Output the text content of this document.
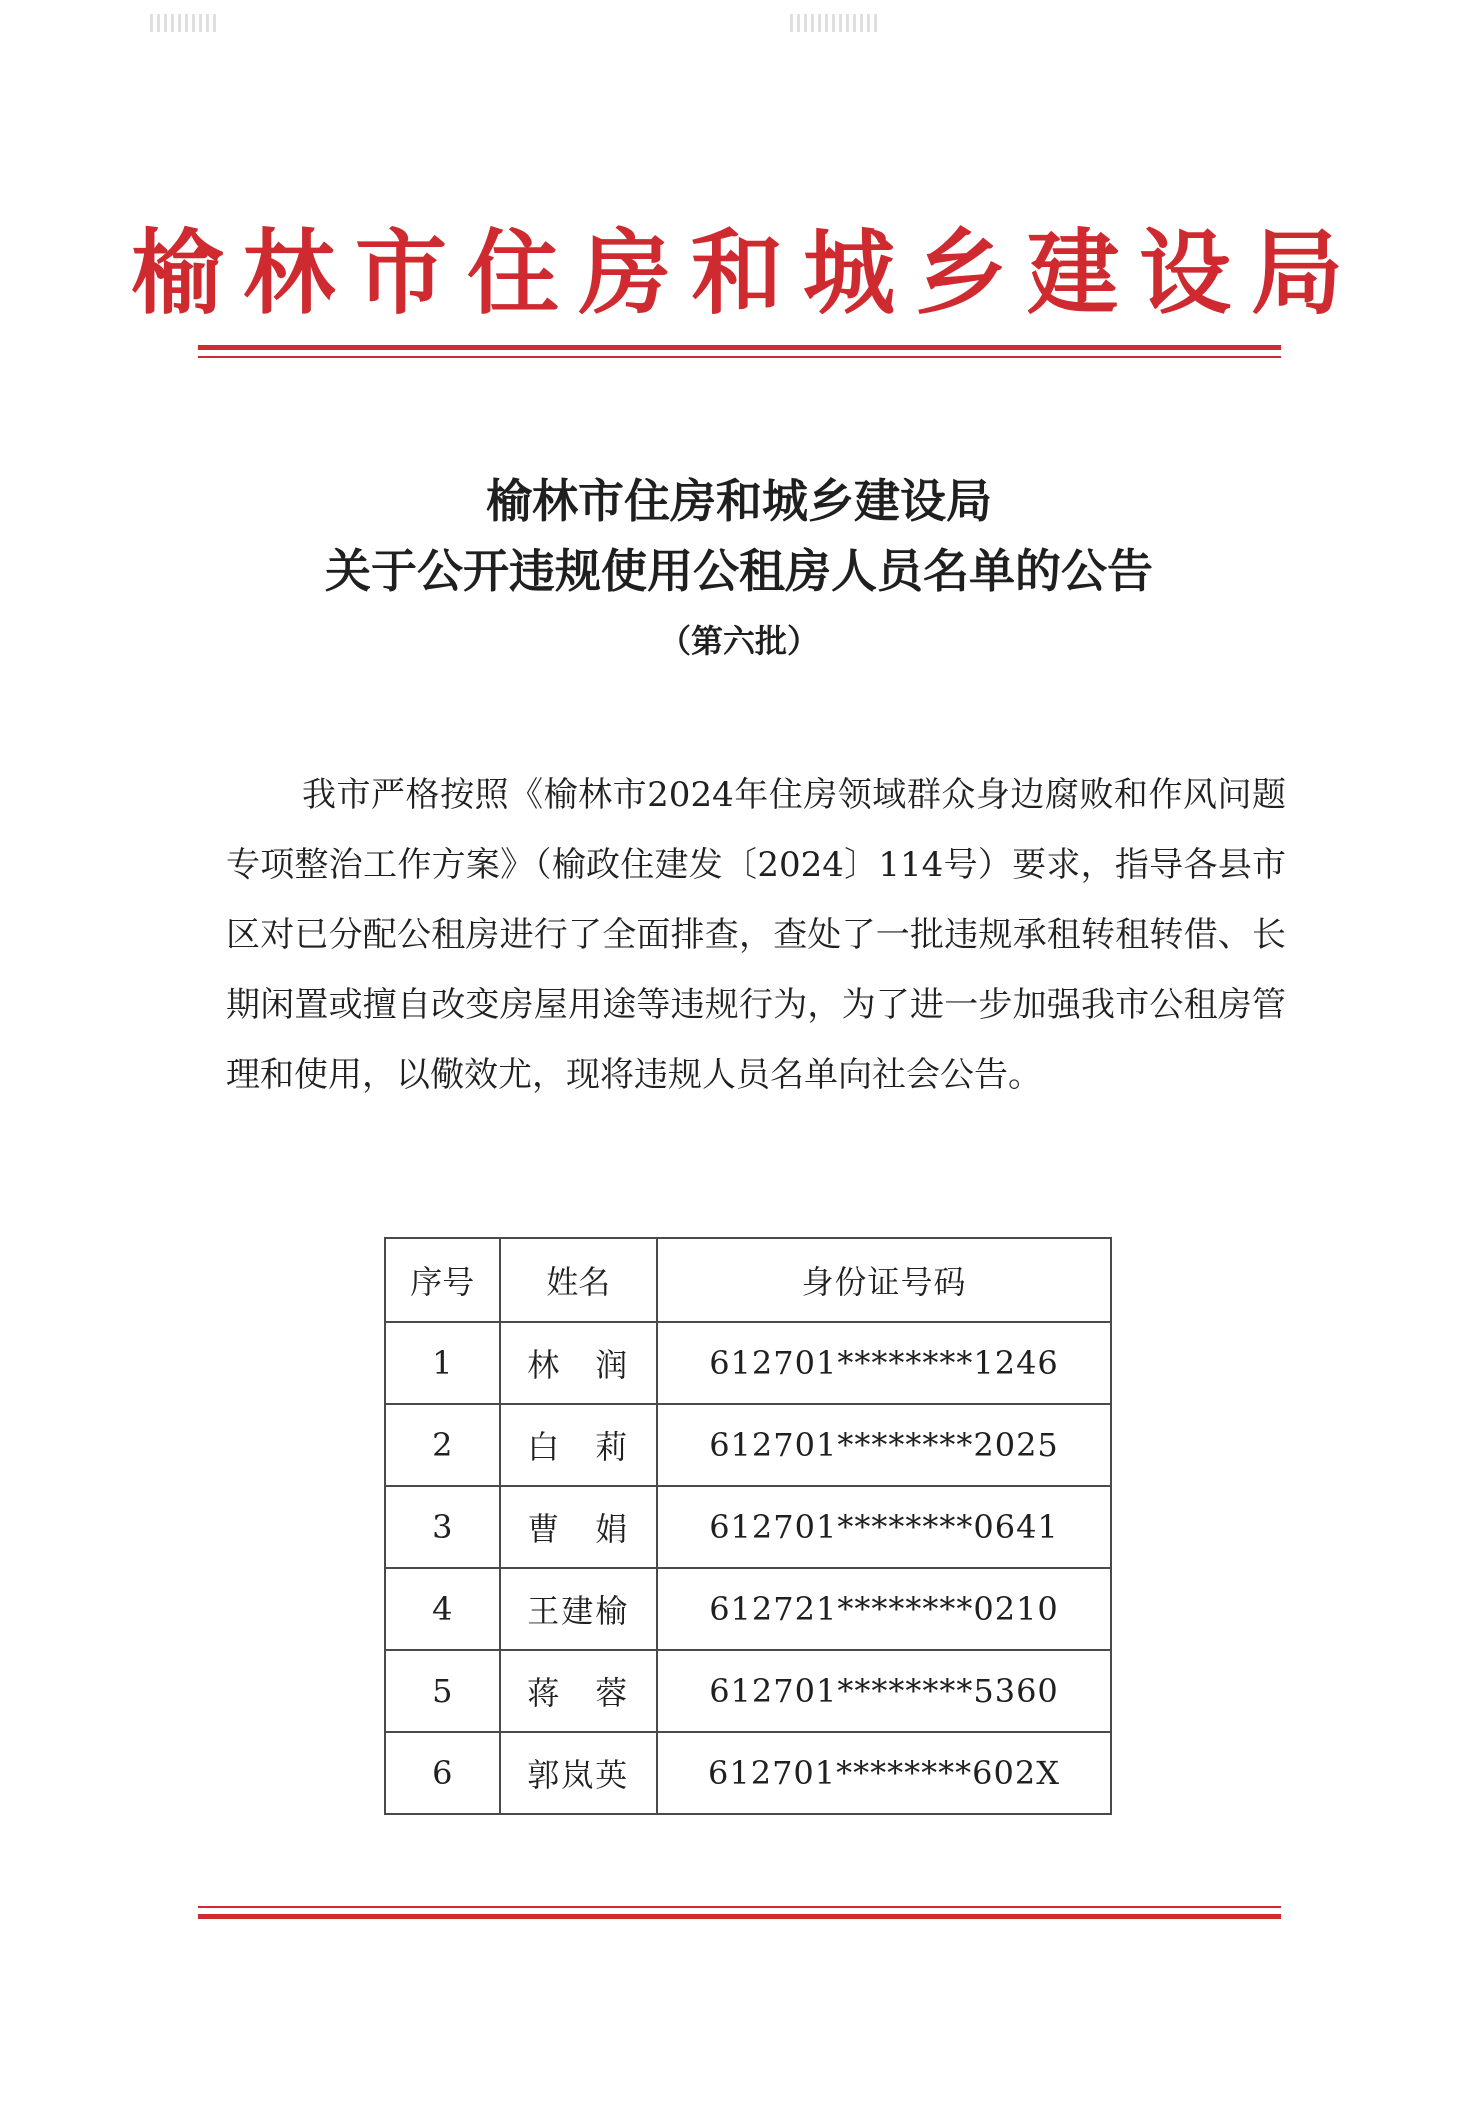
榆林市住房和城乡建设局
榆林市住房和城乡建设局
关于公开违规使用公租房人员名单的公告
（第六批）

我市严格按照《榆林市2024年住房领域群众身边腐败和作风问题专项整治工作方案》（榆政住建发〔2024〕114号）要求，指导各县市区对已分配公租房进行了全面排查，查处了一批违规承租转租转借、长期闲置或擅自改变房屋用途等违规行为，为了进一步加强我市公租房管理和使用，以儆效尤，现将违规人员名单向社会公告。

序号	姓名	身份证号码
1	林　润	612701********1246
2	白　莉	612701********2025
3	曹　娟	612701********0641
4	王建榆	612721********0210
5	蒋　蓉	612701********5360
6	郭岚英	612701********602X
